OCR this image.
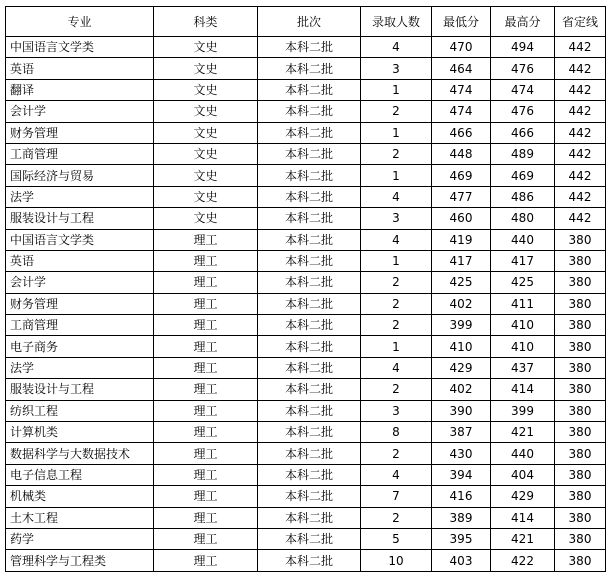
专业	科类	批次	录取人数	最低分	最高分	省定线
中国语言文学类	文史	本科二批	4	470	494	442
英语	文史	本科二批	3	464	476	442
翻译	文史	本科二批	1	474	474	442
会计学	文史	本科二批	2	474	476	442
财务管理	文史	本科二批	1	466	466	442
工商管理	文史	本科二批	2	448	489	442
国际经济与贸易	文史	本科二批	1	469	469	442
法学	文史	本科二批	4	477	486	442
服装设计与工程	文史	本科二批	3	460	480	442
中国语言文学类	理工	本科二批	4	419	440	380
英语	理工	本科二批	1	417	417	380
会计学	理工	本科二批	2	425	425	380
财务管理	理工	本科二批	2	402	411	380
工商管理	理工	本科二批	2	399	410	380
电子商务	理工	本科二批	1	410	410	380
法学	理工	本科二批	4	429	437	380
服装设计与工程	理工	本科二批	2	402	414	380
纺织工程	理工	本科二批	3	390	399	380
计算机类	理工	本科二批	8	387	421	380
数据科学与大数据技术	理工	本科二批	2	430	440	380
电子信息工程	理工	本科二批	4	394	404	380
机械类	理工	本科二批	7	416	429	380
土木工程	理工	本科二批	2	389	414	380
药学	理工	本科二批	5	395	421	380
管理科学与工程类	理工	本科二批	10	403	422	380
